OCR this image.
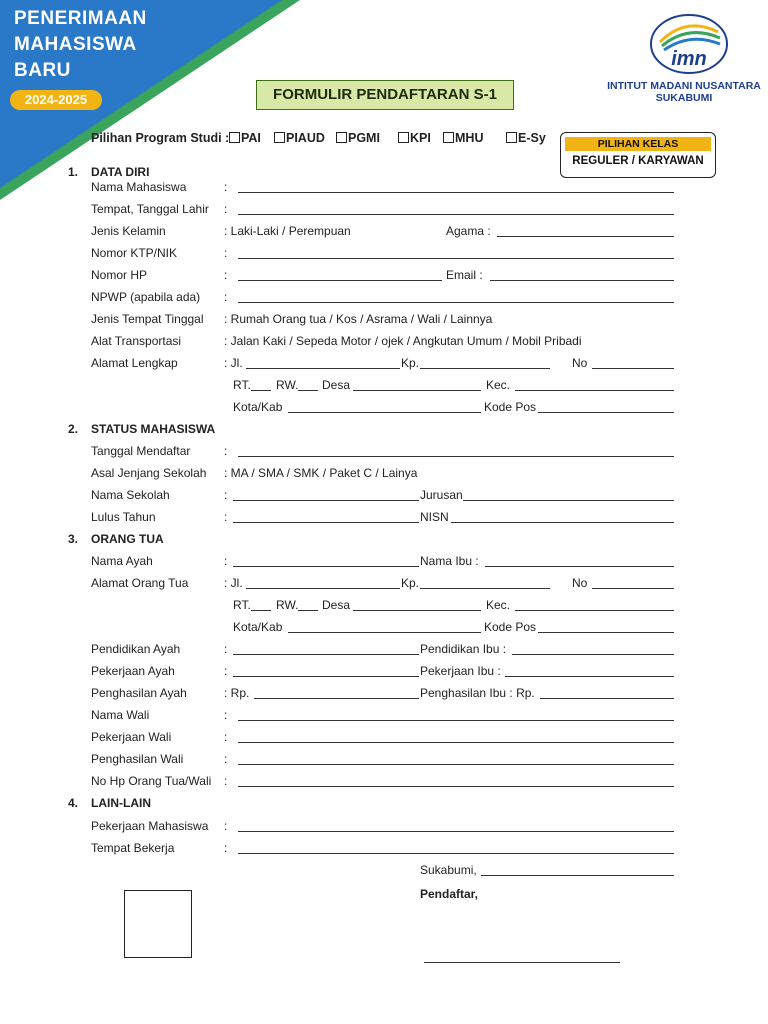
PENERIMAAN
MAHASISWA
BARU
2024-2025
imn
INTITUT MADANI NUSANTARA
SUKABUMI
FORMULIR PENDAFTARAN S-1
Pilihan Program Studi : PAI	PIAUD	PGMI	KPI	MHU	E-Sy	PILIHAN KELAS
REGULER / KARYAWAN
1. DATA DIRI
Nama Mahasiswa	:
Tempat, Tanggal Lahir :
Jenis Kelamin	: Laki-Laki / Perempuan	Agama :
Nomor KTP/NIK	:
Nomor HP	:	Email :
NPWP (apabila ada) :
Jenis Tempat Tinggal : Rumah Orang tua / Kos / Asrama / Wali / Lainnya
Alat Transportasi	: Jalan Kaki / Sepeda Motor / ojek / Angkutan Umum / Mobil Pribadi
Alamat Lengkap	: Jl.	Kp.	No
RT. RW. Desa	Kec.
Kota/Kab	Kode Pos
2. STATUS MAHASISWA
Tanggal Mendaftar	:
Asal Jenjang Sekolah : MA / SMA / SMK / Paket C / Lainya
Nama Sekolah	:	Jurusan
Lulus Tahun	:	NISN
3. ORANG TUA
Nama Ayah	:	Nama Ibu :
Alamat Orang Tua	: Jl.	Kp.	No
RT. RW. Desa	Kec.
Kota/Kab	Kode Pos
Pendidikan Ayah	:	Pendidikan Ibu :
Pekerjaan Ayah	:	Pekerjaan Ibu :
Penghasilan Ayah	: Rp.	Penghasilan Ibu : Rp.
Nama Wali	:
Pekerjaan Wali	:
Penghasilan Wali	:
No Hp Orang Tua/Wali :
4. LAIN-LAIN
Pekerjaan Mahasiswa :
Tempat Bekerja	:
Sukabumi,
Pendaftar,
